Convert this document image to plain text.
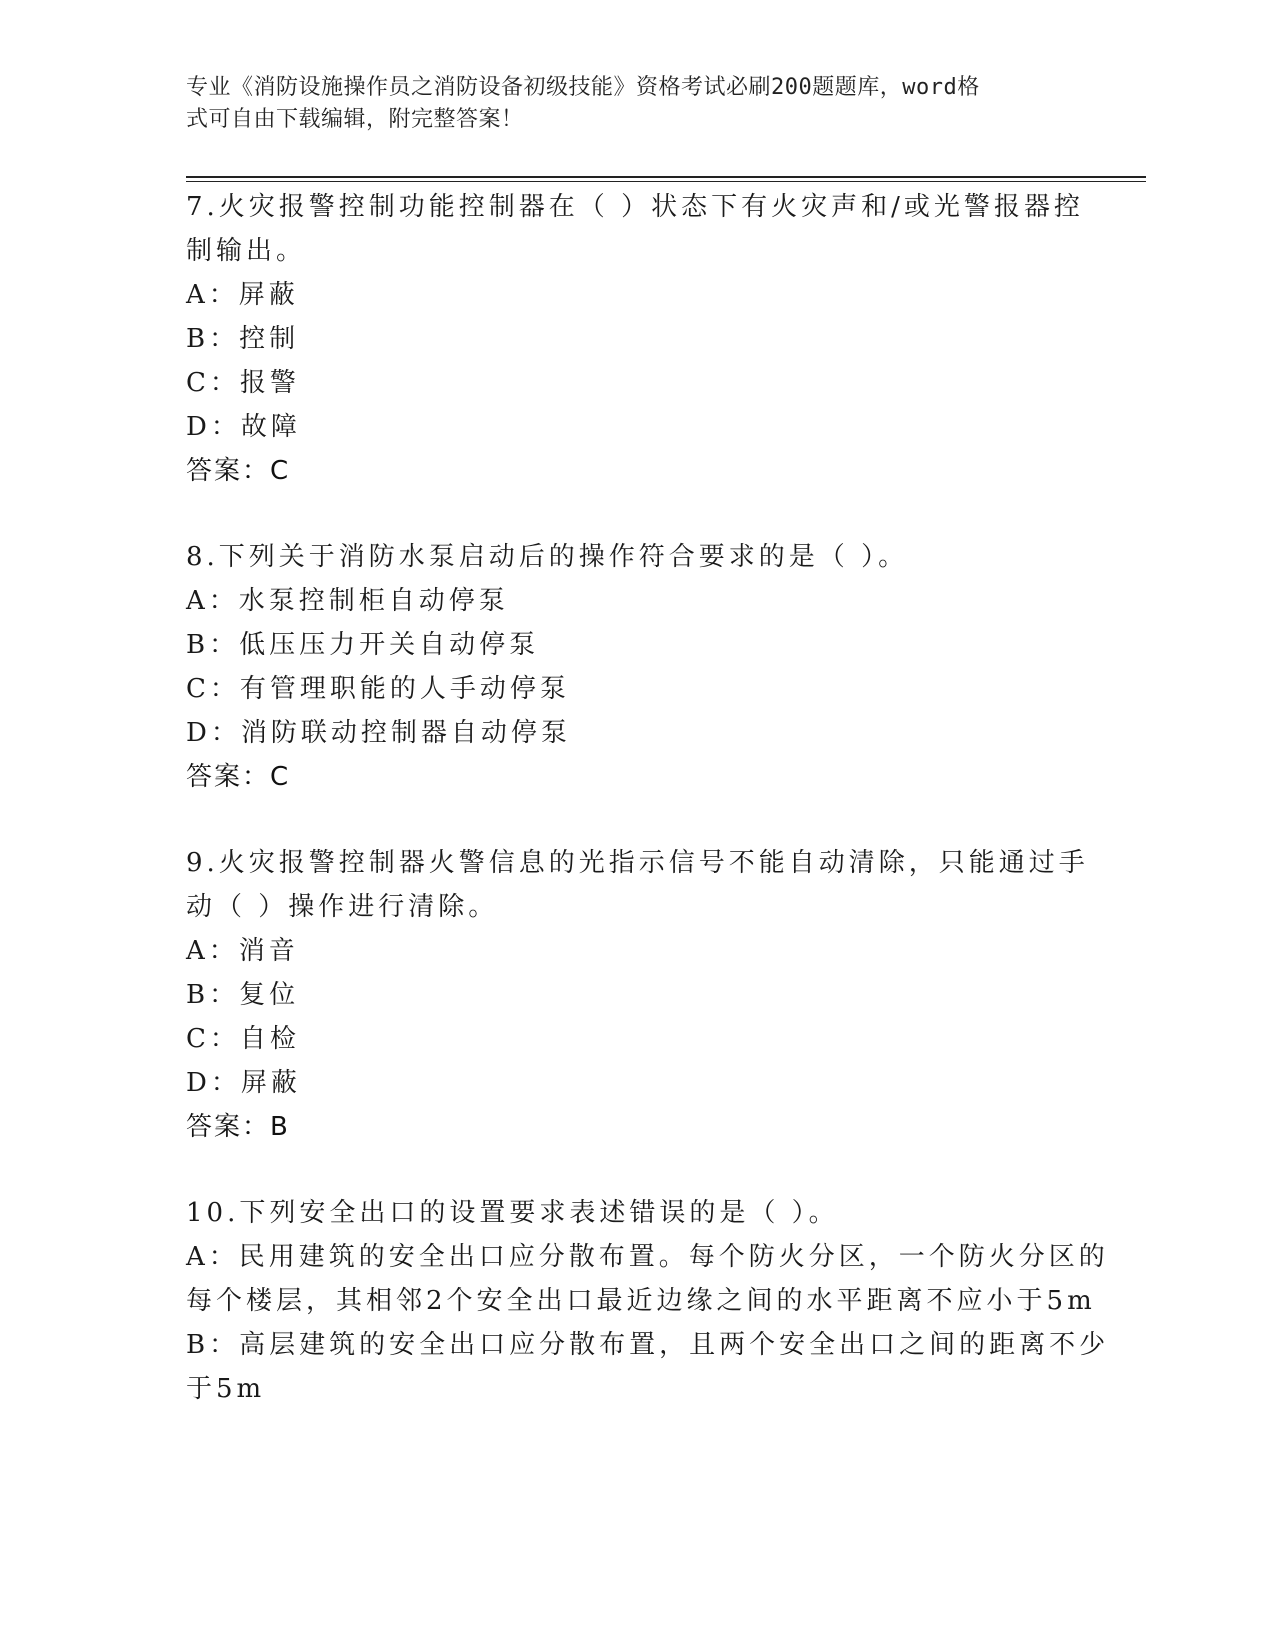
专业《消防设施操作员之消防设备初级技能》资格考试必刷200题题库，word格
式可自由下载编辑，附完整答案！
7.火灾报警控制功能控制器在（ ）状态下有火灾声和/或光警报器控
制输出。
A：屏蔽
B：控制
C：报警
D：故障
答案：C
8.下列关于消防水泵启动后的操作符合要求的是（ ）。
A：水泵控制柜自动停泵
B：低压压力开关自动停泵
C：有管理职能的人手动停泵
D：消防联动控制器自动停泵
答案：C
9.火灾报警控制器火警信息的光指示信号不能自动清除，只能通过手
动（ ）操作进行清除。
A：消音
B：复位
C：自检
D：屏蔽
答案：B
10.下列安全出口的设置要求表述错误的是（ ）。
A：民用建筑的安全出口应分散布置。每个防火分区，一个防火分区的
每个楼层，其相邻2个安全出口最近边缘之间的水平距离不应小于5m
B：高层建筑的安全出口应分散布置，且两个安全出口之间的距离不少
于5m
